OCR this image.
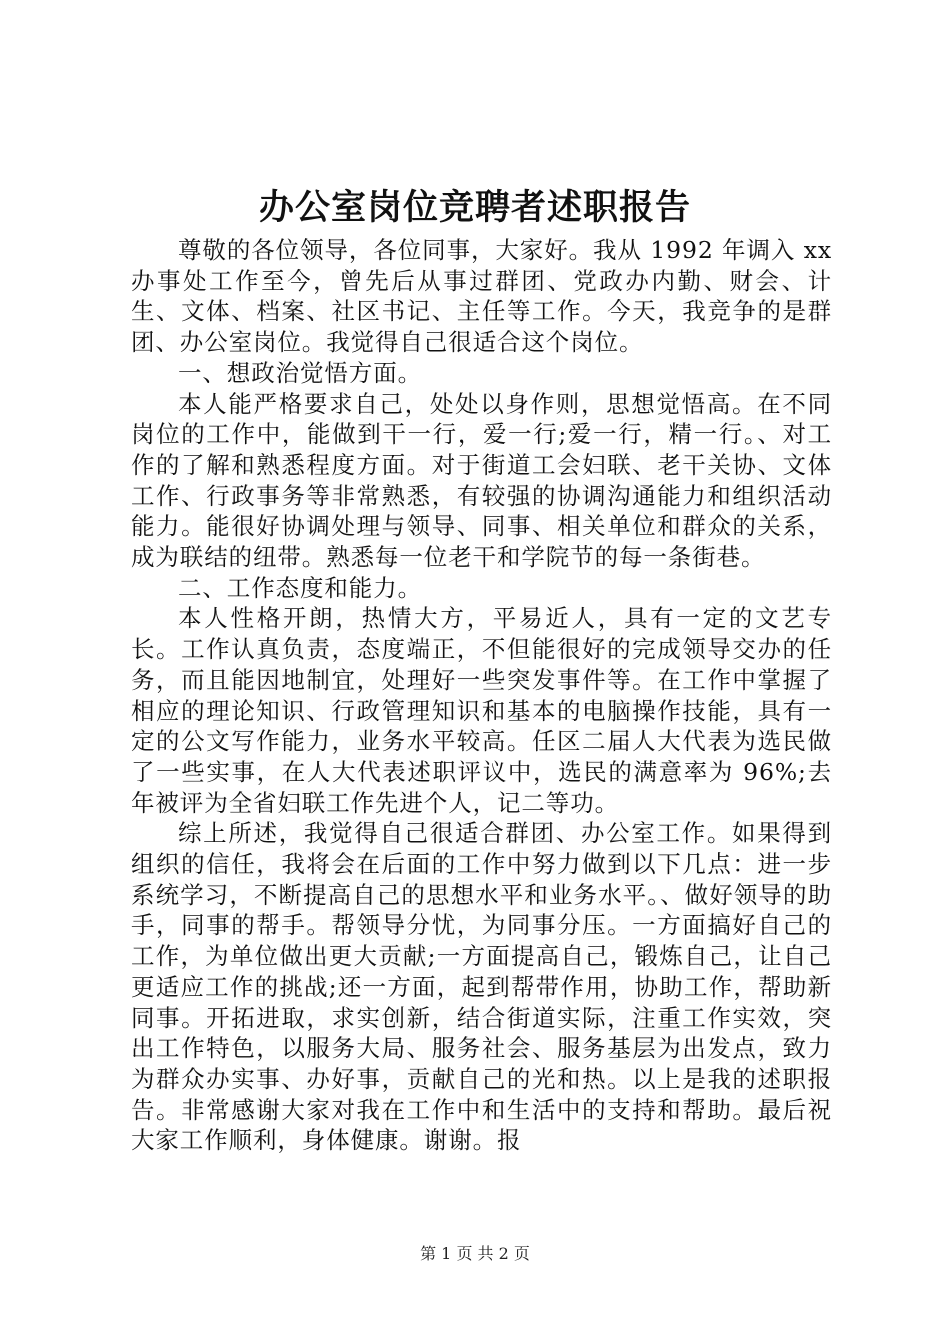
办公室岗位竞聘者述职报告

尊敬的各位领导，各位同事，大家好。我从 1992 年调入 xx 办事处工作至今，曾先后从事过群团、党政办内勤、财会、计生、文体、档案、社区书记、主任等工作。今天，我竞争的是群团、办公室岗位。我觉得自己很适合这个岗位。

一、想政治觉悟方面。

本人能严格要求自己，处处以身作则，思想觉悟高。在不同岗位的工作中，能做到干一行，爱一行;爱一行，精一行。、对工作的了解和熟悉程度方面。对于街道工会妇联、老干关协、文体工作、行政事务等非常熟悉，有较强的协调沟通能力和组织活动能力。能很好协调处理与领导、同事、相关单位和群众的关系，成为联结的纽带。熟悉每一位老干和学院节的每一条街巷。

二、工作态度和能力。

本人性格开朗，热情大方，平易近人，具有一定的文艺专长。工作认真负责，态度端正，不但能很好的完成领导交办的任务，而且能因地制宜，处理好一些突发事件等。在工作中掌握了相应的理论知识、行政管理知识和基本的电脑操作技能，具有一定的公文写作能力，业务水平较高。任区二届人大代表为选民做了一些实事，在人大代表述职评议中，选民的满意率为 96%;去年被评为全省妇联工作先进个人，记二等功。

综上所述，我觉得自己很适合群团、办公室工作。如果得到组织的信任，我将会在后面的工作中努力做到以下几点：进一步系统学习，不断提高自己的思想水平和业务水平。、做好领导的助手，同事的帮手。帮领导分忧，为同事分压。一方面搞好自己的工作，为单位做出更大贡献;一方面提高自己，锻炼自己，让自己更适应工作的挑战;还一方面，起到帮带作用，协助工作，帮助新同事。开拓进取，求实创新，结合街道实际，注重工作实效，突出工作特色，以服务大局、服务社会、服务基层为出发点，致力为群众办实事、办好事，贡献自己的光和热。以上是我的述职报告。非常感谢大家对我在工作中和生活中的支持和帮助。最后祝大家工作顺利，身体健康。谢谢。报

第 1 页 共 2 页
